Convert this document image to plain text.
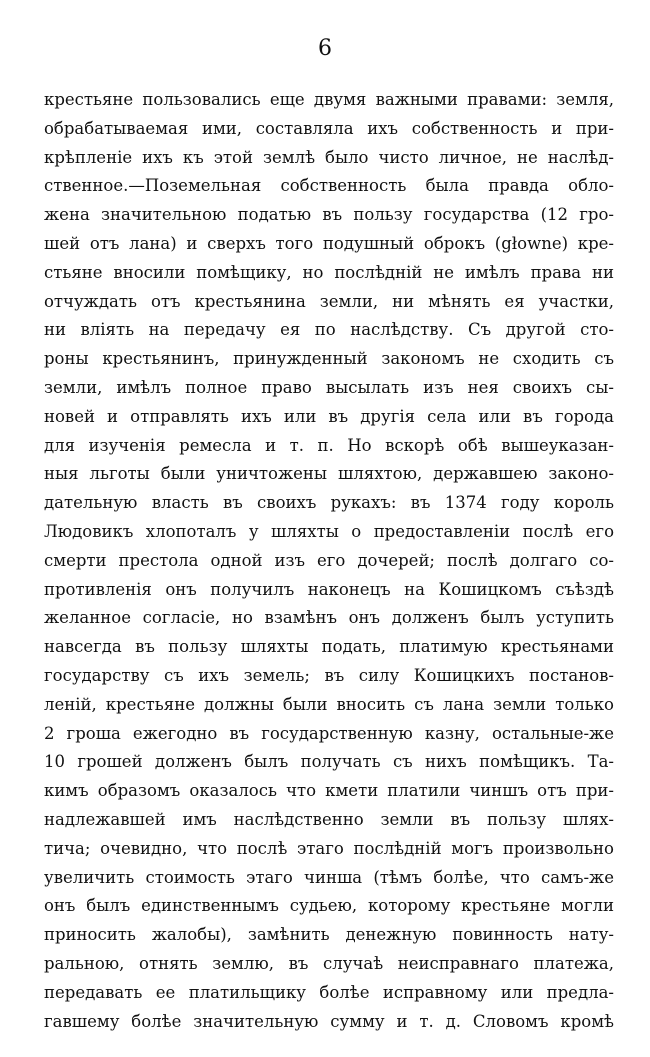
6
крестьяне пользовались еще двумя важными правами: земля,
обрабатываемая ими, составляла ихъ собственность и при-
крѣпленіе ихъ къ этой землѣ было чисто личное, не наслѣд-
ственное.—Поземельная собственность была правда обло-
жена значительною податью въ пользу государства (12 гро-
шей отъ лана) и сверхъ того подушный оброкъ (głowne) кре-
стьяне вносили помѣщику, но послѣдній не имѣлъ права ни
отчуждать отъ крестьянина земли, ни мѣнять ея участки,
ни влiять на передачу ея по наслѣдству. Съ другой сто-
роны крестьянинъ, принужденный закономъ не сходить съ
земли, имѣлъ полное право высылать изъ нея своихъ сы-
новей и отправлять ихъ или въ другія села или въ города
для изученія ремесла и т. п. Но вскорѣ обѣ вышеуказан-
ныя льготы были уничтожены шляхтою, державшею законо-
дательную власть въ своихъ рукахъ: въ 1374 году король
Людовикъ хлопоталъ у шляхты о предоставленіи послѣ его
смерти престола одной изъ его дочерей; послѣ долгаго со-
противленія онъ получилъ наконецъ на Кошицкомъ съѣздѣ
желанное согласіе, но взамѣнъ онъ долженъ былъ уступить
навсегда въ пользу шляхты подать, платимую крестьянами
государству съ ихъ земель; въ силу Кошицкихъ постанов-
леній, крестьяне должны были вносить съ лана земли только
2 гроша ежегодно въ государственную казну, остальные-же
10 грошей долженъ былъ получать съ нихъ помѣщикъ. Та-
кимъ образомъ оказалось что кмети платили чиншъ отъ при-
надлежавшей имъ наслѣдственно земли въ пользу шлях-
тича; очевидно, что послѣ этаго послѣдній могъ произвольно
увеличить стоимость этаго чинша (тѣмъ болѣе, что самъ-же
онъ былъ единственнымъ судьею, которому крестьяне могли
приносить жалобы), замѣнить денежную повинность нату-
ральною, отнять землю, въ случаѣ неисправнаго платежа,
передавать ее платильщику болѣе исправному или предла-
гавшему болѣе значительную сумму и т. д. Словомъ кромѣ
